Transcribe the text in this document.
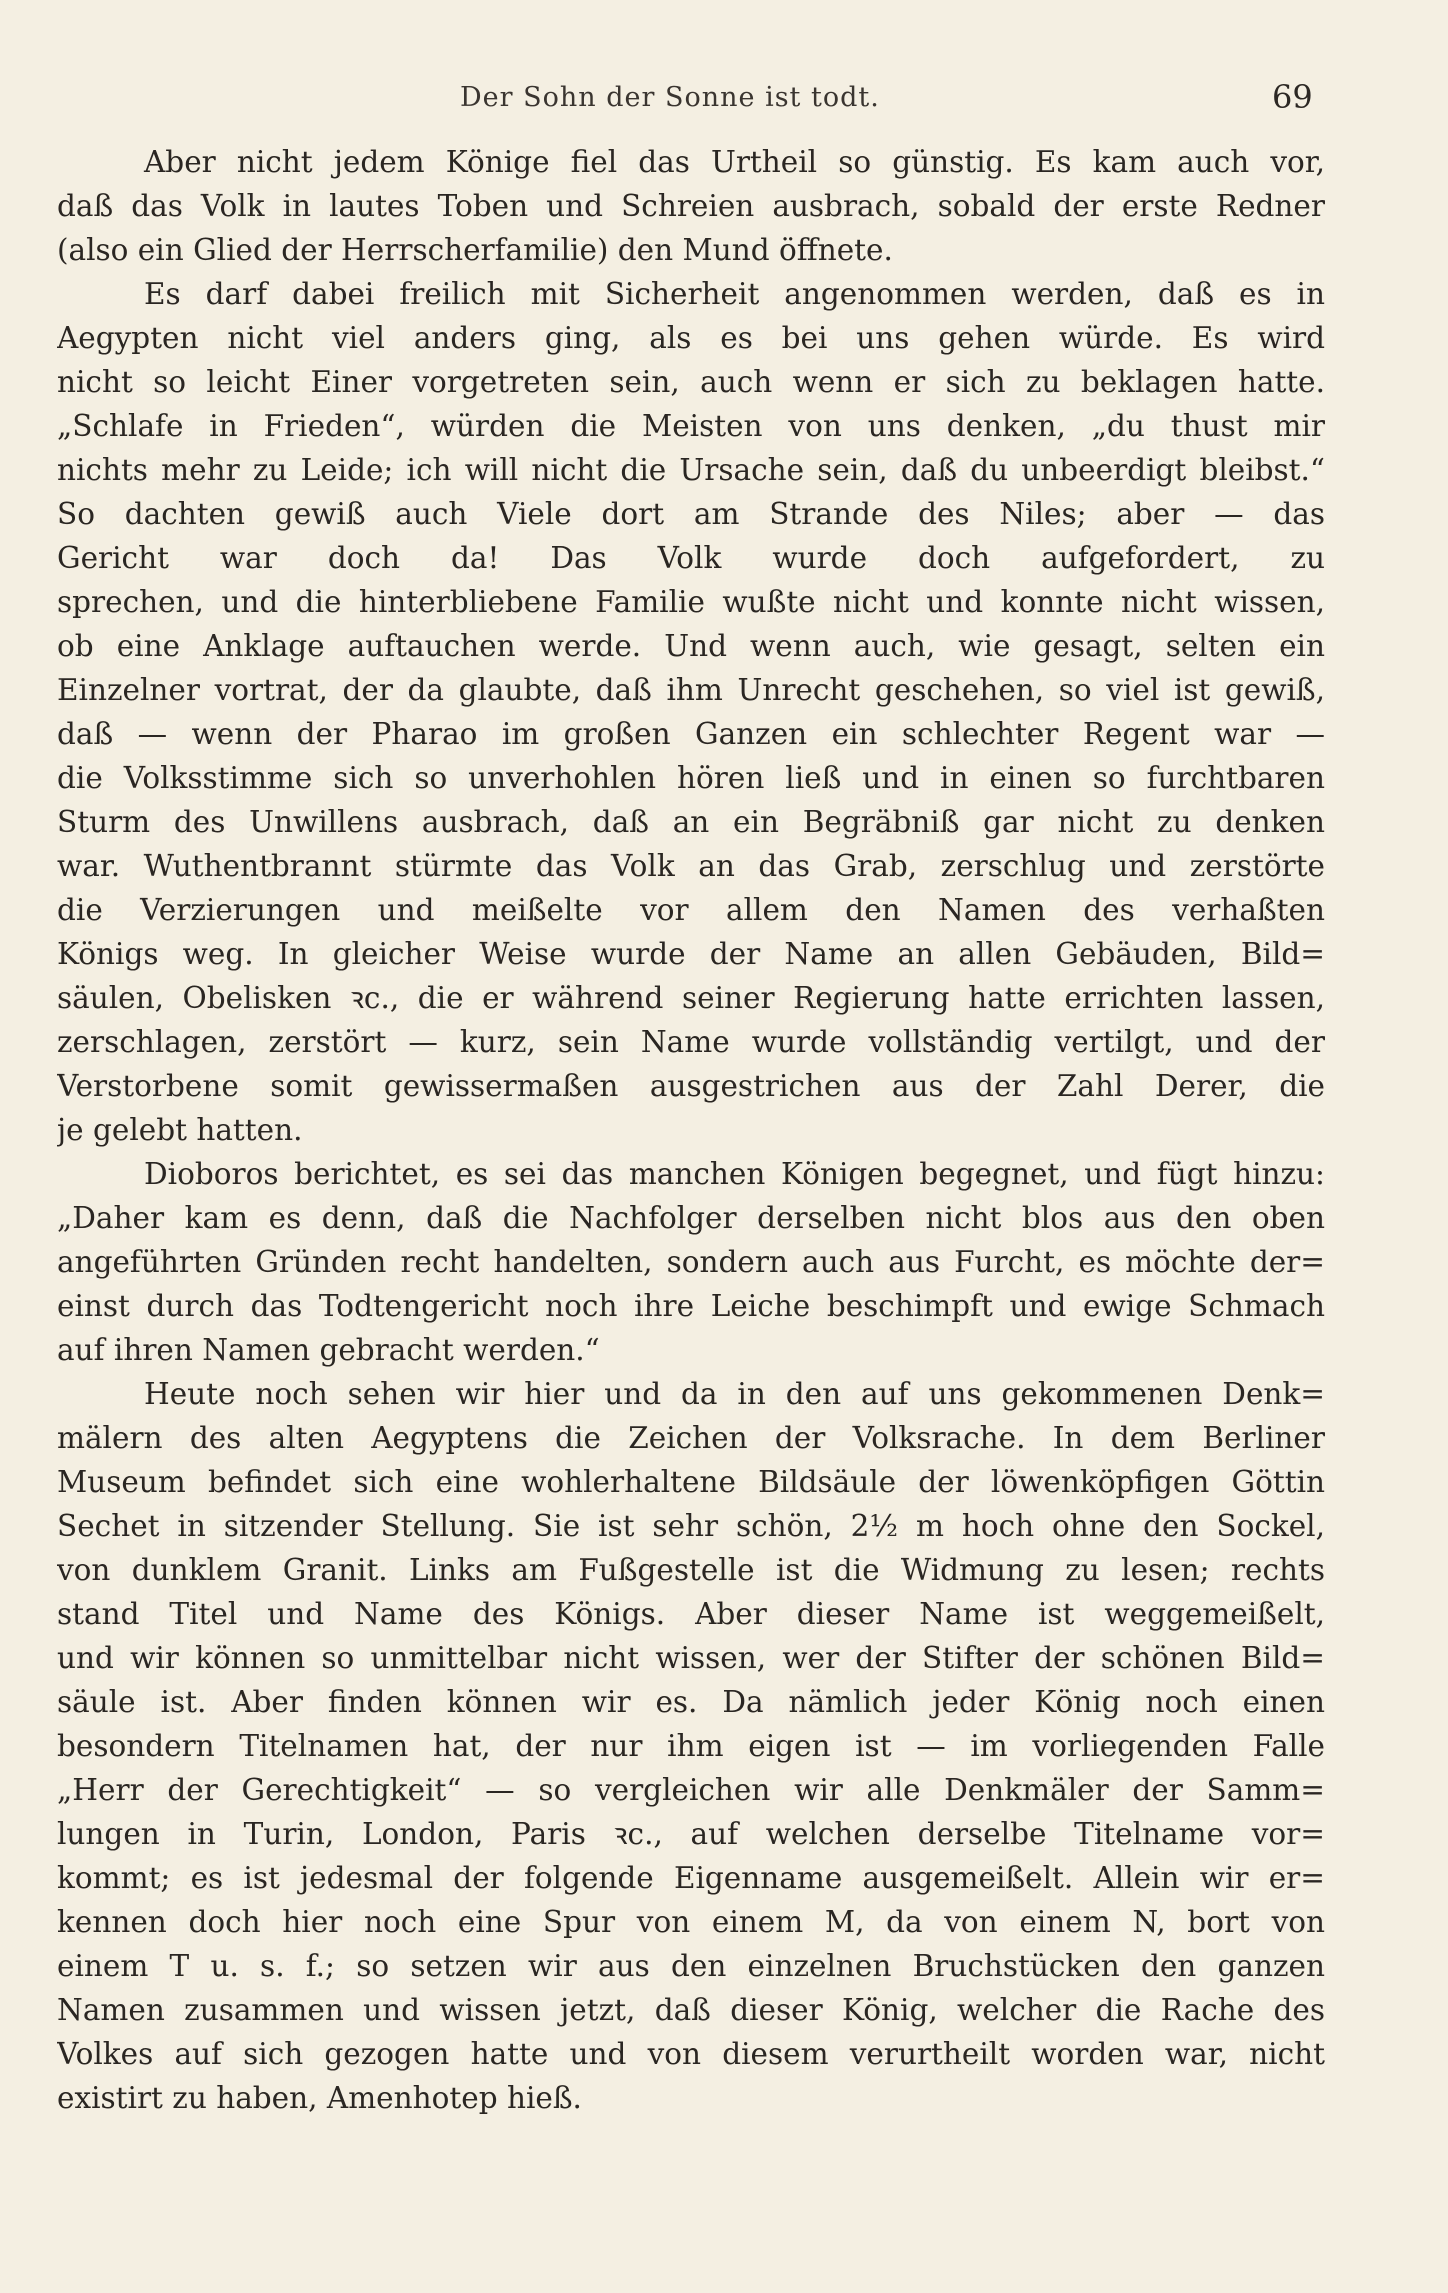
Der Sohn der Sonne ist todt.	69
Aber nicht jedem Könige fiel das Urtheil so günstig. Es kam auch vor,
daß das Volk in lautes Toben und Schreien ausbrach, sobald der erste Redner
(also ein Glied der Herrscherfamilie) den Mund öffnete.
Es darf dabei freilich mit Sicherheit angenommen werden, daß es in
Aegypten nicht viel anders ging, als es bei uns gehen würde. Es wird
nicht so leicht Einer vorgetreten sein, auch wenn er sich zu beklagen hatte.
„Schlafe in Frieden“, würden die Meisten von uns denken, „du thust mir
nichts mehr zu Leide; ich will nicht die Ursache sein, daß du unbeerdigt bleibst.“
So dachten gewiß auch Viele dort am Strande des Niles; aber — das
Gericht war doch da! Das Volk wurde doch aufgefordert, zu
sprechen, und die hinterbliebene Familie wußte nicht und konnte nicht wissen,
ob eine Anklage auftauchen werde. Und wenn auch, wie gesagt, selten ein
Einzelner vortrat, der da glaubte, daß ihm Unrecht geschehen, so viel ist gewiß,
daß — wenn der Pharao im großen Ganzen ein schlechter Regent war —
die Volksstimme sich so unverhohlen hören ließ und in einen so furchtbaren
Sturm des Unwillens ausbrach, daß an ein Begräbniß gar nicht zu denken
war. Wuthentbrannt stürmte das Volk an das Grab, zerschlug und zerstörte
die Verzierungen und meißelte vor allem den Namen des verhaßten
Königs weg. In gleicher Weise wurde der Name an allen Gebäuden, Bild=
säulen, Obelisken ꝛc., die er während seiner Regierung hatte errichten lassen,
zerschlagen, zerstört — kurz, sein Name wurde vollständig vertilgt, und der
Verstorbene somit gewissermaßen ausgestrichen aus der Zahl Derer, die
je gelebt hatten.
Dioboros berichtet, es sei das manchen Königen begegnet, und fügt hinzu:
„Daher kam es denn, daß die Nachfolger derselben nicht blos aus den oben
angeführten Gründen recht handelten, sondern auch aus Furcht, es möchte der=
einst durch das Todtengericht noch ihre Leiche beschimpft und ewige Schmach
auf ihren Namen gebracht werden.“
Heute noch sehen wir hier und da in den auf uns gekommenen Denk=
mälern des alten Aegyptens die Zeichen der Volksrache. In dem Berliner
Museum befindet sich eine wohlerhaltene Bildsäule der löwenköpfigen Göttin
Sechet in sitzender Stellung. Sie ist sehr schön, 2½ m hoch ohne den Sockel,
von dunklem Granit. Links am Fußgestelle ist die Widmung zu lesen; rechts
stand Titel und Name des Königs. Aber dieser Name ist weggemeißelt,
und wir können so unmittelbar nicht wissen, wer der Stifter der schönen Bild=
säule ist. Aber finden können wir es. Da nämlich jeder König noch einen
besondern Titelnamen hat, der nur ihm eigen ist — im vorliegenden Falle
„Herr der Gerechtigkeit“ — so vergleichen wir alle Denkmäler der Samm=
lungen in Turin, London, Paris ꝛc., auf welchen derselbe Titelname vor=
kommt; es ist jedesmal der folgende Eigenname ausgemeißelt. Allein wir er=
kennen doch hier noch eine Spur von einem M, da von einem N, bort von
einem T u. s. f.; so setzen wir aus den einzelnen Bruchstücken den ganzen
Namen zusammen und wissen jetzt, daß dieser König, welcher die Rache des
Volkes auf sich gezogen hatte und von diesem verurtheilt worden war, nicht
existirt zu haben, Amenhotep hieß.
